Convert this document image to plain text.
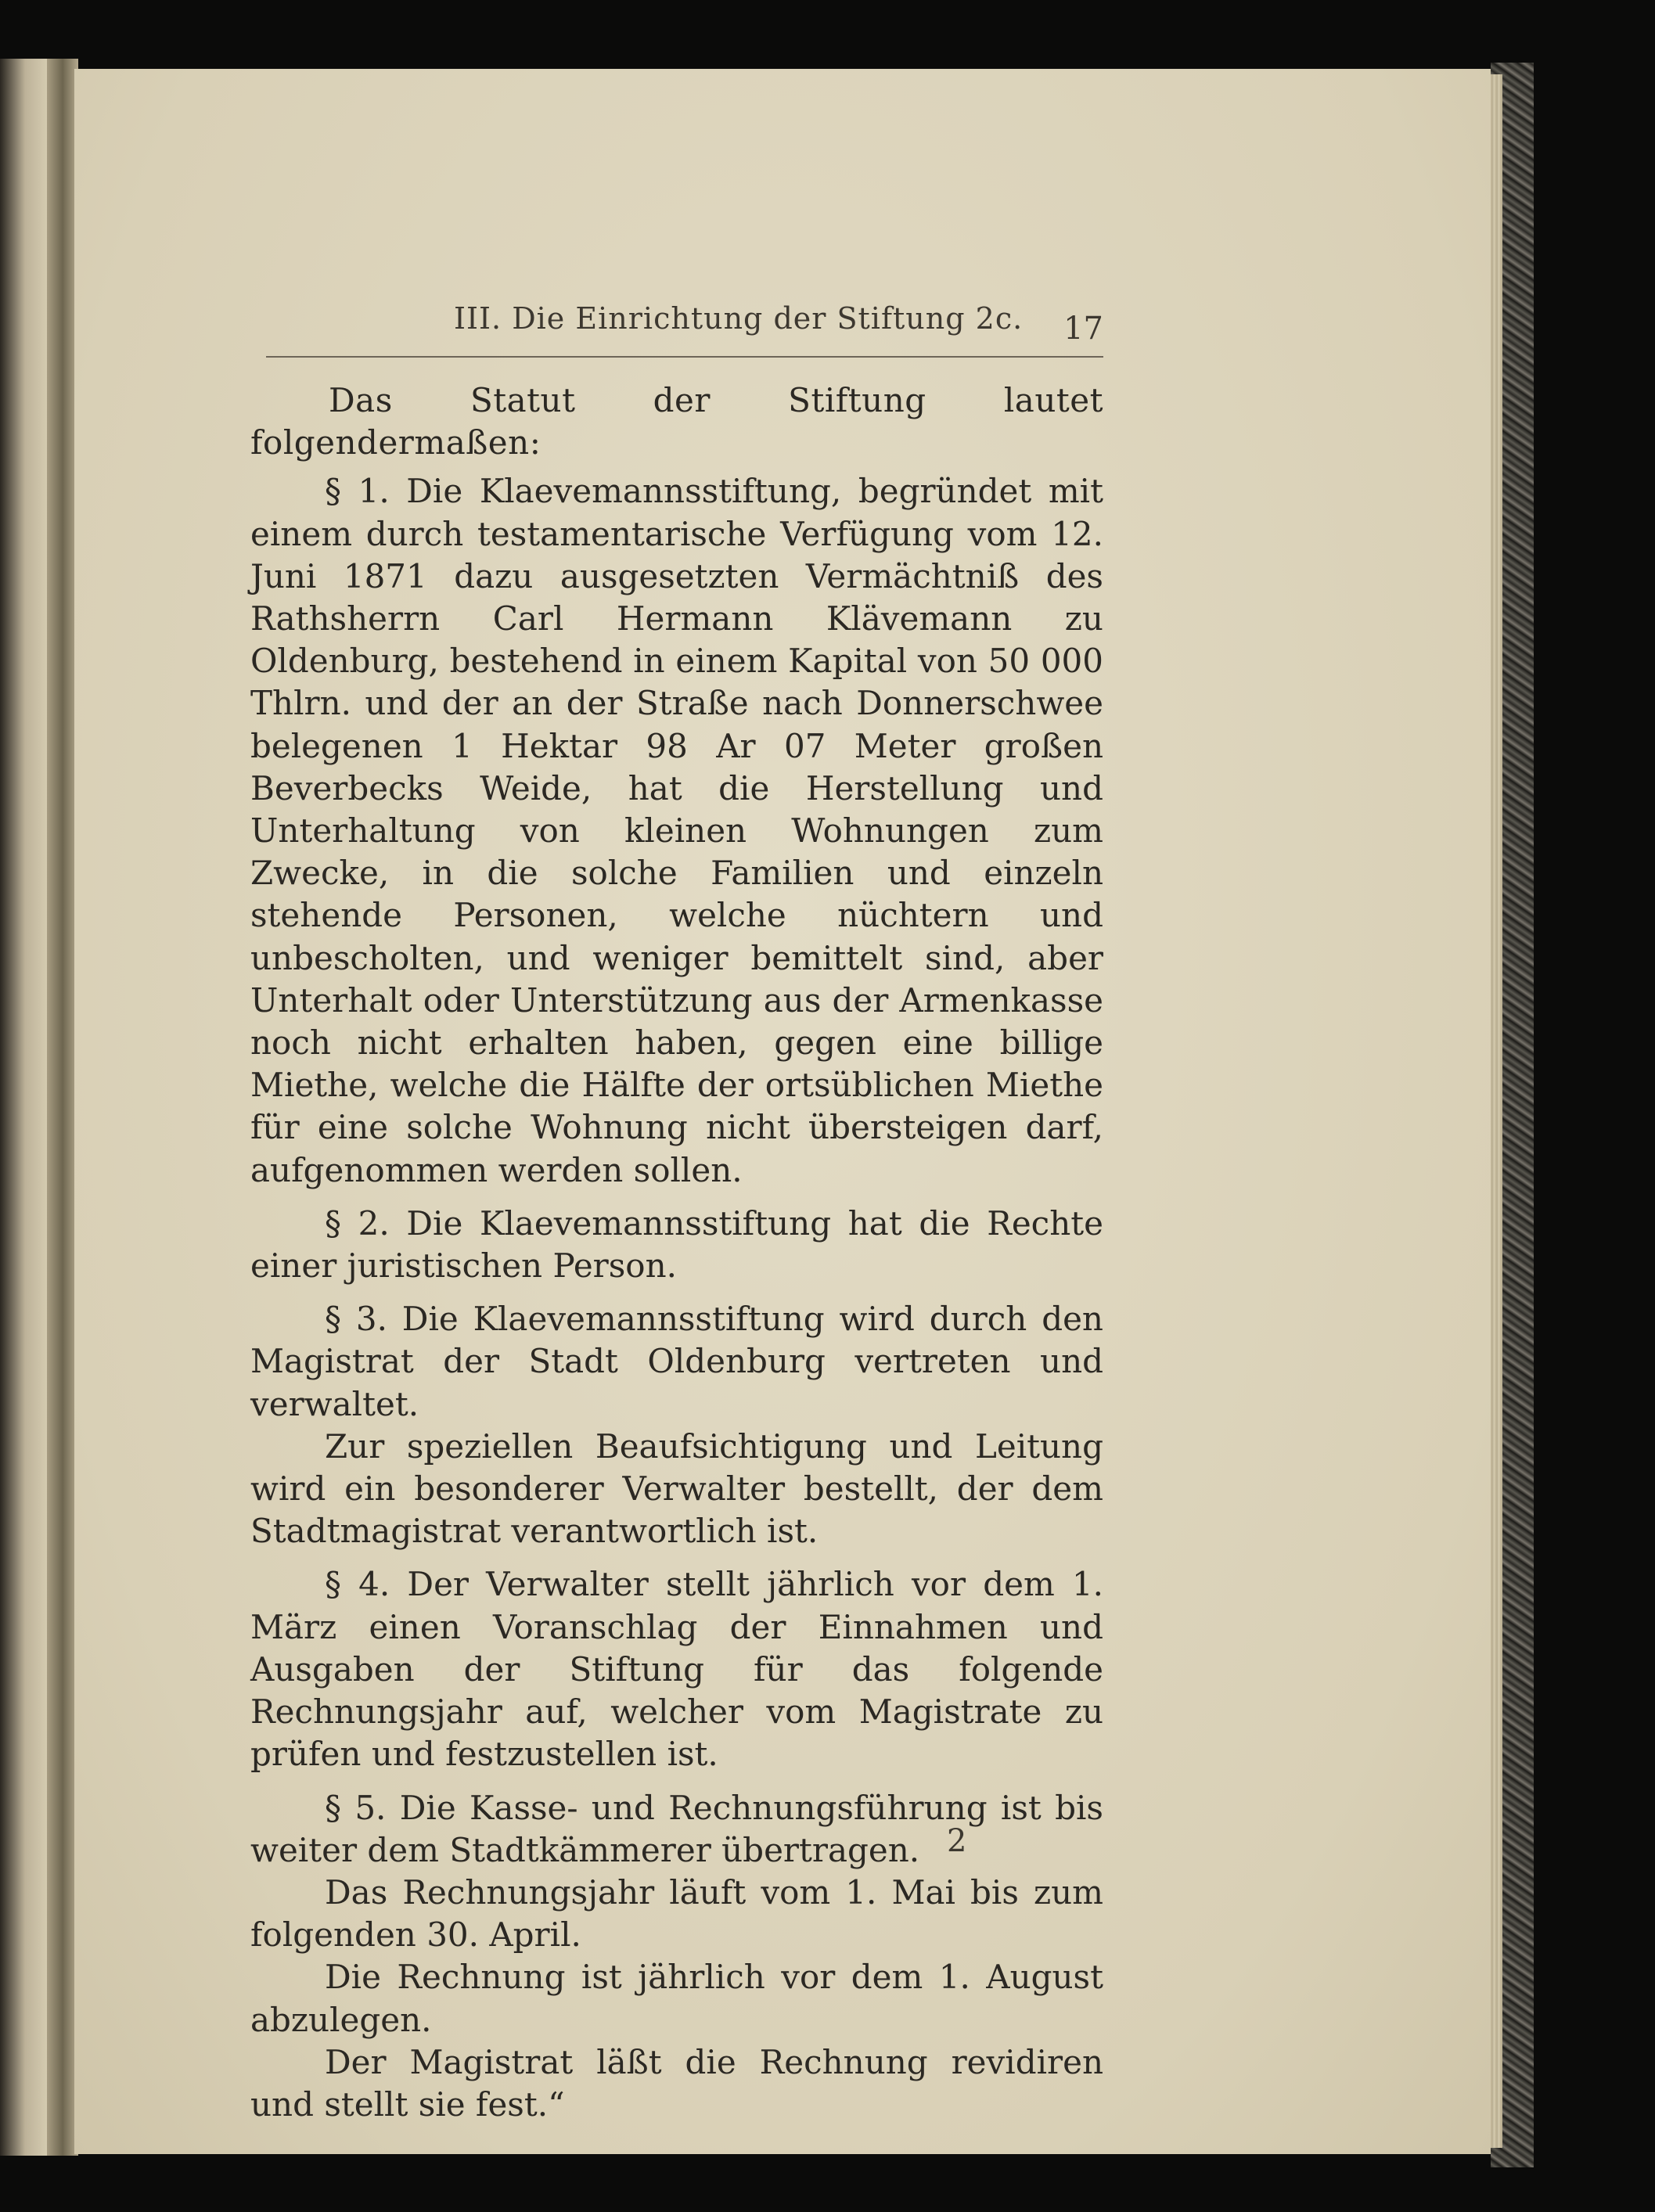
III. Die Einrichtung der Stiftung 2c. 17

Das Statut der Stiftung lautet folgendermaßen:

§ 1. Die Klaevemannsstiftung, begründet mit einem durch testamentarische Verfügung vom 12. Juni 1871 dazu ausgesetzten Vermächtniß des Rathsherrn Carl Hermann Klävemann zu Oldenburg, bestehend in einem Kapital von 50 000 Thlrn. und der an der Straße nach Donnerschwee belegenen 1 Hektar 98 Ar 07 Meter großen Beverbecks Weide, hat die Herstellung und Unterhaltung von kleinen Wohnungen zum Zwecke, in die solche Familien und einzeln stehende Personen, welche nüchtern und unbescholten, und weniger bemittelt sind, aber Unterhalt oder Unterstützung aus der Armenkasse noch nicht erhalten haben, gegen eine billige Miethe, welche die Hälfte der ortsüblichen Miethe für eine solche Wohnung nicht übersteigen darf, aufgenommen werden sollen.

§ 2. Die Klaevemannsstiftung hat die Rechte einer juristischen Person.

§ 3. Die Klaevemannsstiftung wird durch den Magistrat der Stadt Oldenburg vertreten und verwaltet.

Zur speziellen Beaufsichtigung und Leitung wird ein besonderer Verwalter bestellt, der dem Stadtmagistrat verantwortlich ist.

§ 4. Der Verwalter stellt jährlich vor dem 1. März einen Voranschlag der Einnahmen und Ausgaben der Stiftung für das folgende Rechnungsjahr auf, welcher vom Magistrate zu prüfen und festzustellen ist.

§ 5. Die Kasse- und Rechnungsführung ist bis weiter dem Stadtkämmerer übertragen.

Das Rechnungsjahr läuft vom 1. Mai bis zum folgenden 30. April.

Die Rechnung ist jährlich vor dem 1. August abzulegen.

Der Magistrat läßt die Rechnung revidiren und stellt sie fest.“

2
